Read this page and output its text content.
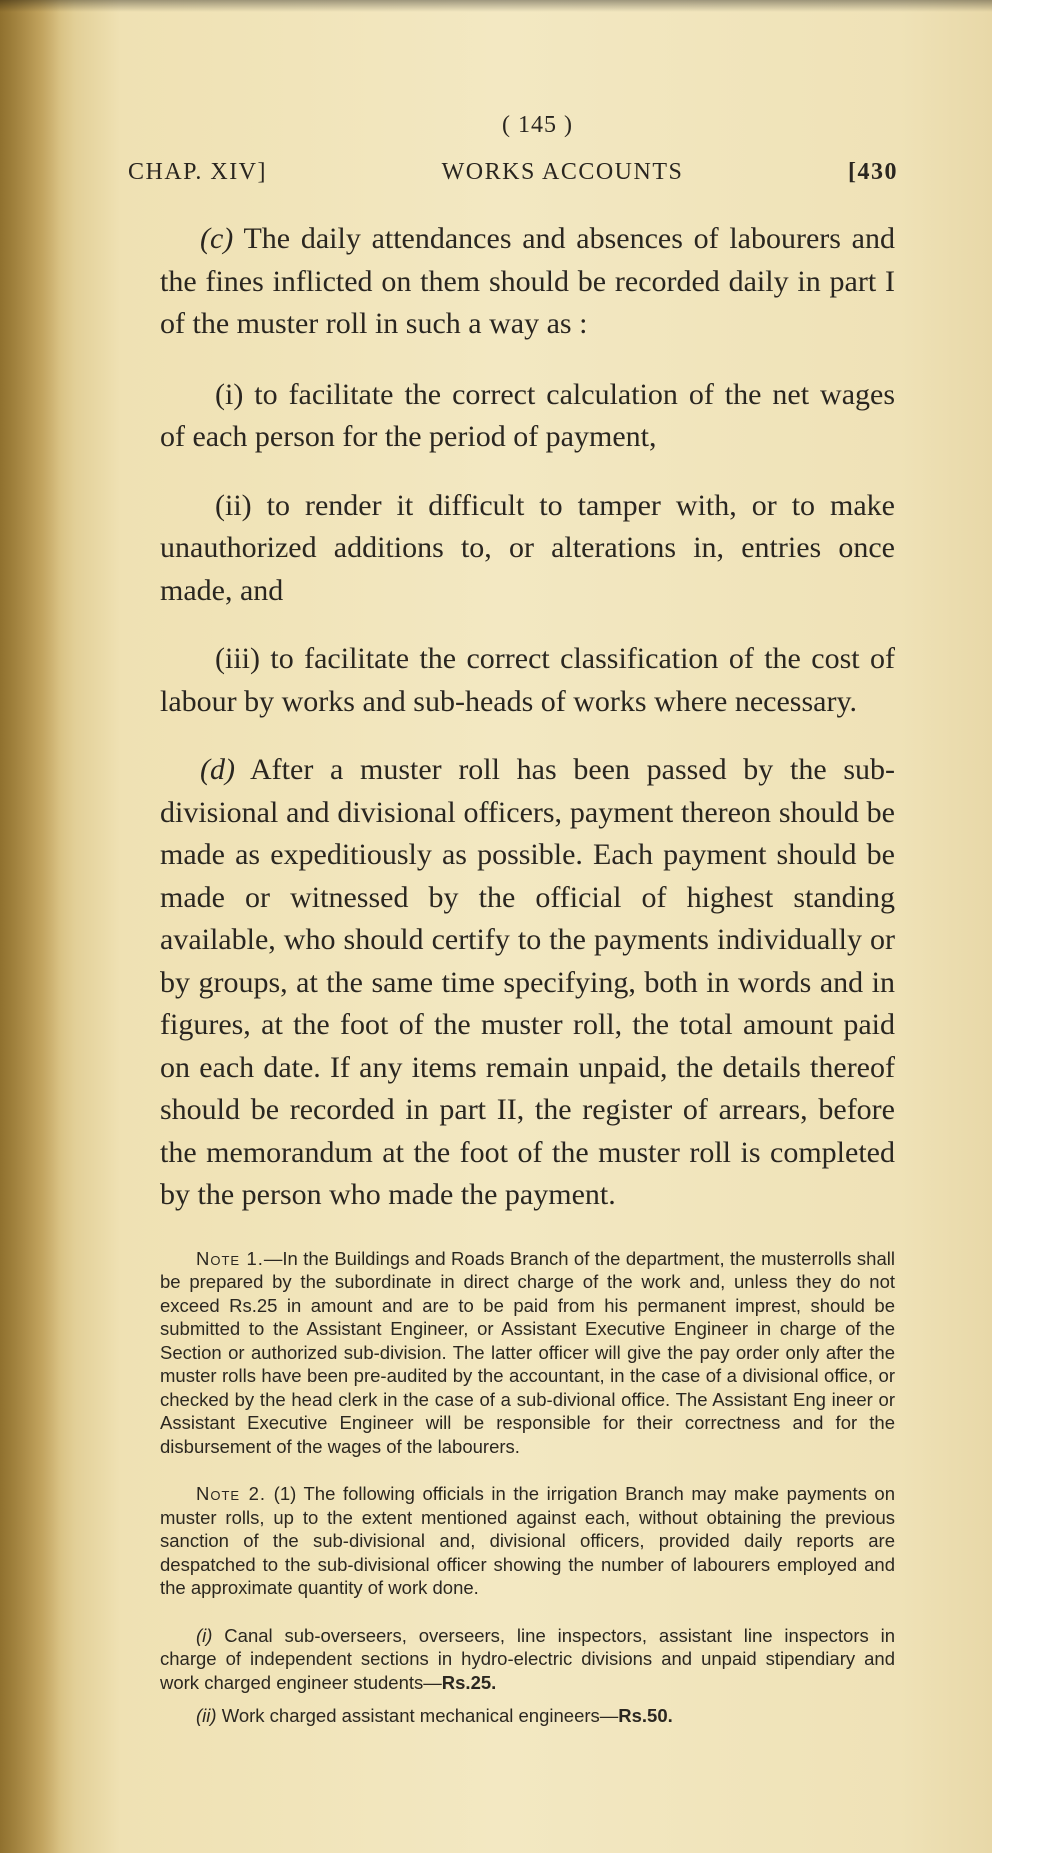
( 145 )
CHAP. XIV]	WORKS ACCOUNTS	[430

(c) The daily attendances and absences of labourers and the fines inflicted on them should be recorded daily in part I of the muster roll in such a way as :

(i) to facilitate the correct calculation of the net wages of each person for the period of payment,

(ii) to render it difficult to tamper with, or to make unauthorized additions to, or alterations in, entries once made, and

(iii) to facilitate the correct classification of the cost of labour by works and sub-heads of works where necessary.

(d) After a muster roll has been passed by the sub-divisional and divisional officers, payment thereon should be made as expeditiously as possible. Each payment should be made or witnessed by the official of highest standing available, who should certify to the payments individually or by groups, at the same time specifying, both in words and in figures, at the foot of the muster roll, the total amount paid on each date. If any items remain unpaid, the details thereof should be recorded in part II, the register of arrears, before the memorandum at the foot of the muster roll is completed by the person who made the payment.

Note 1.—In the Buildings and Roads Branch of the department, the musterrolls shall be prepared by the subordinate in direct charge of the work and, unless they do not exceed Rs.25 in amount and are to be paid from his permanent imprest, should be submitted to the Assistant Engineer, or Assistant Executive Engineer in charge of the Section or authorized sub-division. The latter officer will give the pay order only after the muster rolls have been pre-audited by the accountant, in the case of a divisional office, or checked by the head clerk in the case of a sub-divional office. The Assistant Eng ineer or Assistant Executive Engineer will be responsible for their correctness and for the disbursement of the wages of the labourers.

Note 2. (1) The following officials in the irrigation Branch may make payments on muster rolls, up to the extent mentioned against each, without obtaining the previous sanction of the sub-divisional and, divisional officers, provided daily reports are despatched to the sub-divisional officer showing the number of labourers employed and the approximate quantity of work done.

(i) Canal sub-overseers, overseers, line inspectors, assistant line inspectors in charge of independent sections in hydro-electric divisions and unpaid stipendiary and work charged engineer students—Rs.25.

(ii) Work charged assistant mechanical engineers—Rs.50.
